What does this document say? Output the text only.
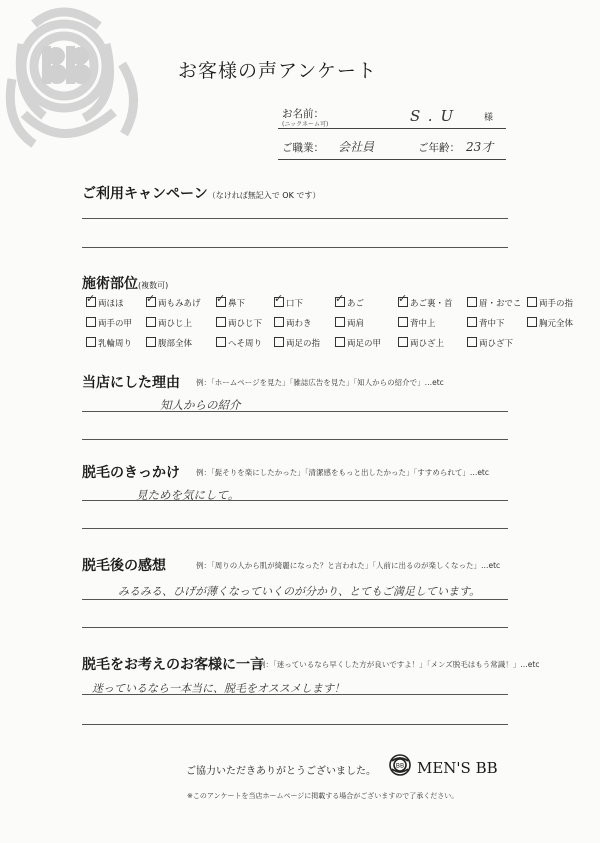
お客様の声アンケート
お名前：
(ニックネーム可)	S.U	様
ご職業： 会社員	ご年齢： 23才
ご利用キャンペーン（なければ無記入で OK です）
施術部位(複数可)
✓両ほほ ✓	両もみあげ ✓	鼻下 ✓	口下 ✓	あご ✓	あご裏・首	眉・おでこ	両手の指
両手の甲	両ひじ上	両ひじ下	両わき	両肩	背中上	背中下	胸元全体
乳輪周り	腹部全体	へそ周り	両足の指	両足の甲	両ひざ上	両ひざ下
当店にした理由 例：「ホームページを見た」「雑誌広告を見た」「知人からの紹介で」…etc
知人からの紹介
脱毛のきっかけ 例：「髭そりを楽にしたかった」「清潔感をもっと出したかった」「すすめられて」…etc
見ためを気にして。
脱毛後の感想	例：「周りの人から肌が綺麗になった？と言われた」「人前に出るのが楽しくなった」…etc
みるみる、ひげが薄くなっていくのが分かり、とてもご満足しています。
脱毛をお考えのお客様に一言
例：「迷っているなら早くした方が良いですよ！」「メンズ脱毛はもう常識！」…etc
迷っているなら一本当に、脱毛をオススメします！
ご協力いただきありがとうございました。	BB MEN'S BB
※このアンケートを当店ホームページに掲載する場合がございますので了承ください。
